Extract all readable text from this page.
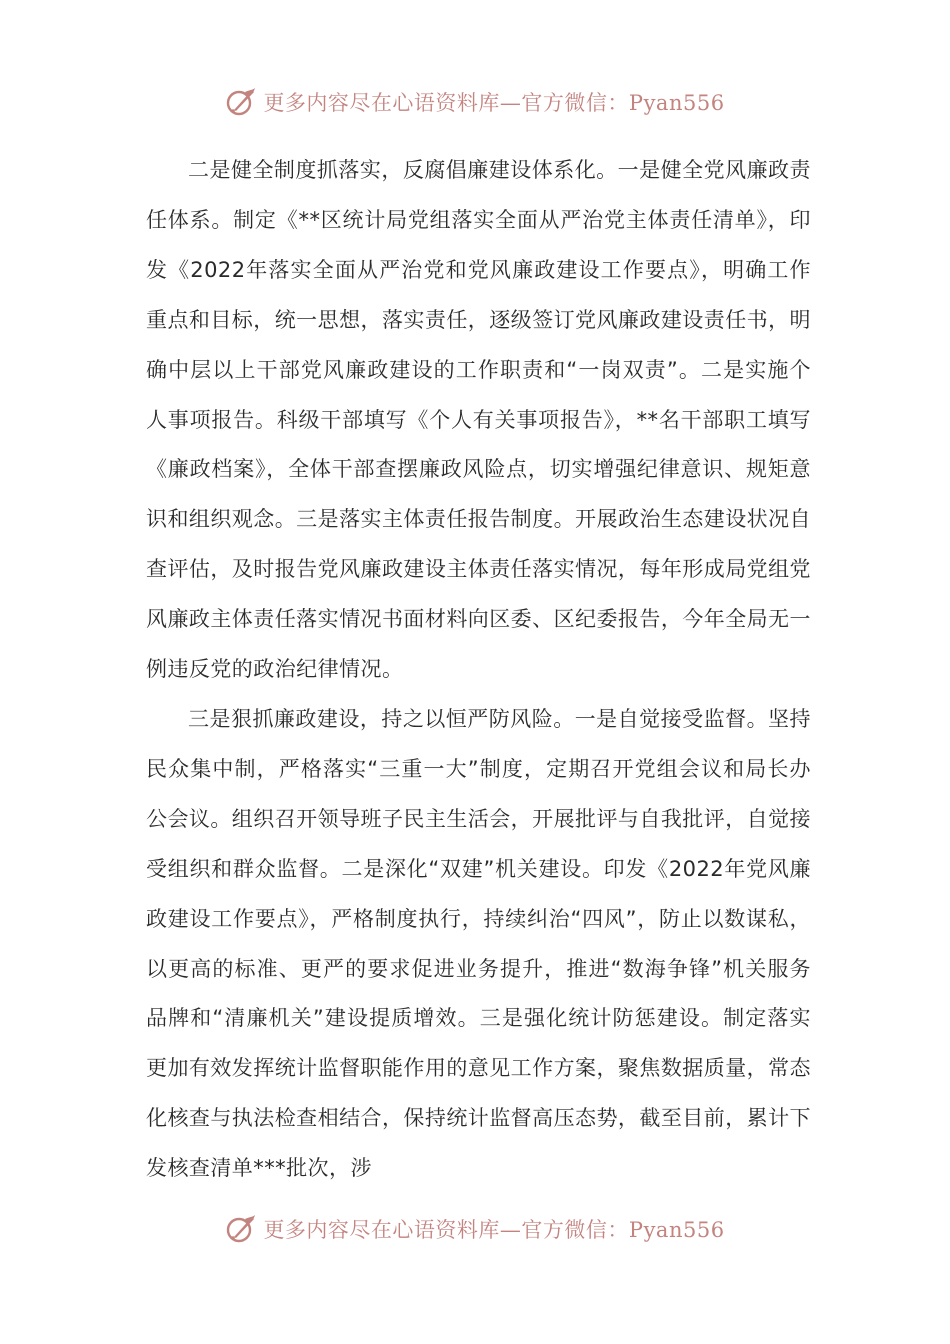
更多内容尽在心语资料库—官方微信：Pyan556

二是健全制度抓落实，反腐倡廉建设体系化。一是健全党风廉政责任体系。制定《**区统计局党组落实全面从严治党主体责任清单》，印发《2022年落实全面从严治党和党风廉政建设工作要点》，明确工作重点和目标，统一思想，落实责任，逐级签订党风廉政建设责任书，明确中层以上干部党风廉政建设的工作职责和“一岗双责”。二是实施个人事项报告。科级干部填写《个人有关事项报告》，**名干部职工填写《廉政档案》，全体干部查摆廉政风险点，切实增强纪律意识、规矩意识和组织观念。三是落实主体责任报告制度。开展政治生态建设状况自查评估，及时报告党风廉政建设主体责任落实情况，每年形成局党组党风廉政主体责任落实情况书面材料向区委、区纪委报告，今年全局无一例违反党的政治纪律情况。

三是狠抓廉政建设，持之以恒严防风险。一是自觉接受监督。坚持民众集中制，严格落实“三重一大”制度，定期召开党组会议和局长办公会议。组织召开领导班子民主生活会，开展批评与自我批评，自觉接受组织和群众监督。二是深化“双建”机关建设。印发《2022年党风廉政建设工作要点》，严格制度执行，持续纠治“四风”，防止以数谋私，以更高的标准、更严的要求促进业务提升，推进“数海争锋”机关服务品牌和“清廉机关”建设提质增效。三是强化统计防惩建设。制定落实更加有效发挥统计监督职能作用的意见工作方案，聚焦数据质量，常态化核查与执法检查相结合，保持统计监督高压态势，截至目前，累计下发核查清单***批次，涉

更多内容尽在心语资料库—官方微信：Pyan556
